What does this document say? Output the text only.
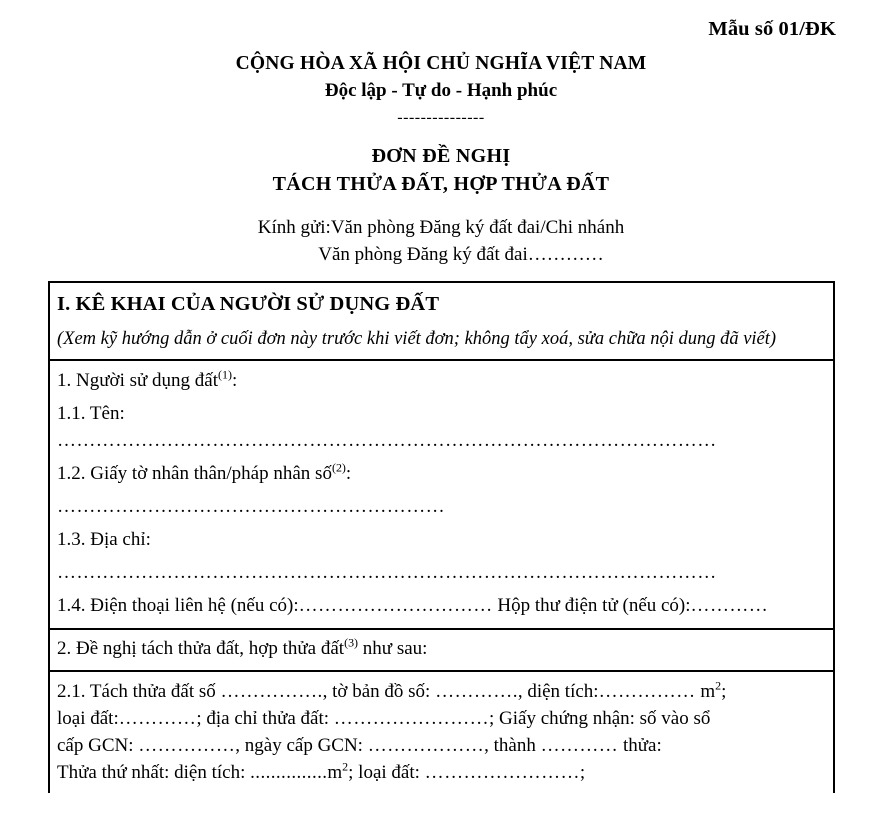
Mẫu số 01/ĐK
CỘNG HÒA XÃ HỘI CHỦ NGHĨA VIỆT NAM
Độc lập - Tự do - Hạnh phúc
---------------
ĐƠN ĐỀ NGHỊ
TÁCH THỬA ĐẤT, HỢP THỬA ĐẤT
Kính gửi:Văn phòng Đăng ký đất đai/Chi nhánh
Văn phòng Đăng ký đất đai…………
I. KÊ KHAI CỦA NGƯỜI SỬ DỤNG ĐẤT
(Xem kỹ hướng dẫn ở cuối đơn này trước khi viết đơn; không tẩy xoá, sửa chữa nội dung đã viết)
1. Người sử dụng đất$^{(1)}$:
1.1. Tên:
…………………………………………………………………………………………
1.2. Giấy tờ nhân thân/pháp nhân số$^{(2)}$:
……………………………………………………
1.3. Địa chỉ:
…………………………………………………………………………………………
1.4. Điện thoại liên hệ (nếu có):………………………… Hộp thư điện tử (nếu có):…………
2. Đề nghị tách thửa đất, hợp thửa đất$^{(3)}$ như sau:
2.1. Tách thửa đất số ……………., tờ bản đồ số: …………., diện tích:…………… $m^2$;
loại đất:…………; địa chỉ thửa đất: ……………………; Giấy chứng nhận: số vào sổ
cấp GCN: ……………, ngày cấp GCN: ………………, thành ………… thửa:
Thửa thứ nhất: diện tích: $...............m^2$; loại đất: ……………………;
